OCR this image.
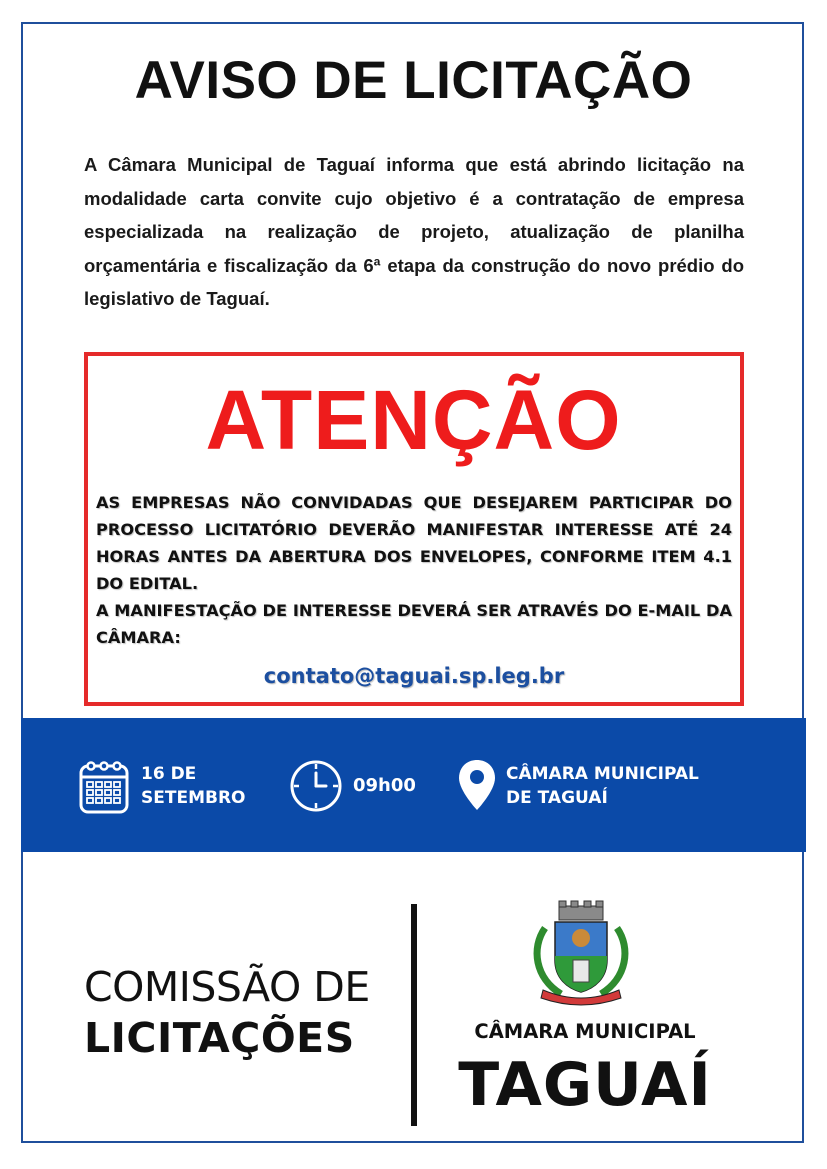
AVISO DE LICITAÇÃO
A Câmara Municipal de Taguaí informa que está abrindo licitação na modalidade carta convite cujo objetivo é a contratação de empresa especializada na realização de projeto, atualização de planilha orçamentária e fiscalização da 6ª etapa da construção do novo prédio do legislativo de Taguaí.
ATENÇÃO
AS EMPRESAS NÃO CONVIDADAS QUE DESEJAREM PARTICIPAR DO PROCESSO LICITATÓRIO DEVERÃO MANIFESTAR INTERESSE ATÉ 24 HORAS ANTES DA ABERTURA DOS ENVELOPES, CONFORME ITEM 4.1 DO EDITAL.
A MANIFESTAÇÃO DE INTERESSE DEVERÁ SER ATRAVÉS DO E-MAIL DA CÂMARA:
contato@taguai.sp.leg.br
16 DE
SETEMBRO
09h00
CÂMARA MUNICIPAL
DE TAGUAÍ
COMISSÃO DE
LICITAÇÕES	CÂMARA MUNICIPAL
TAGUAÍ
